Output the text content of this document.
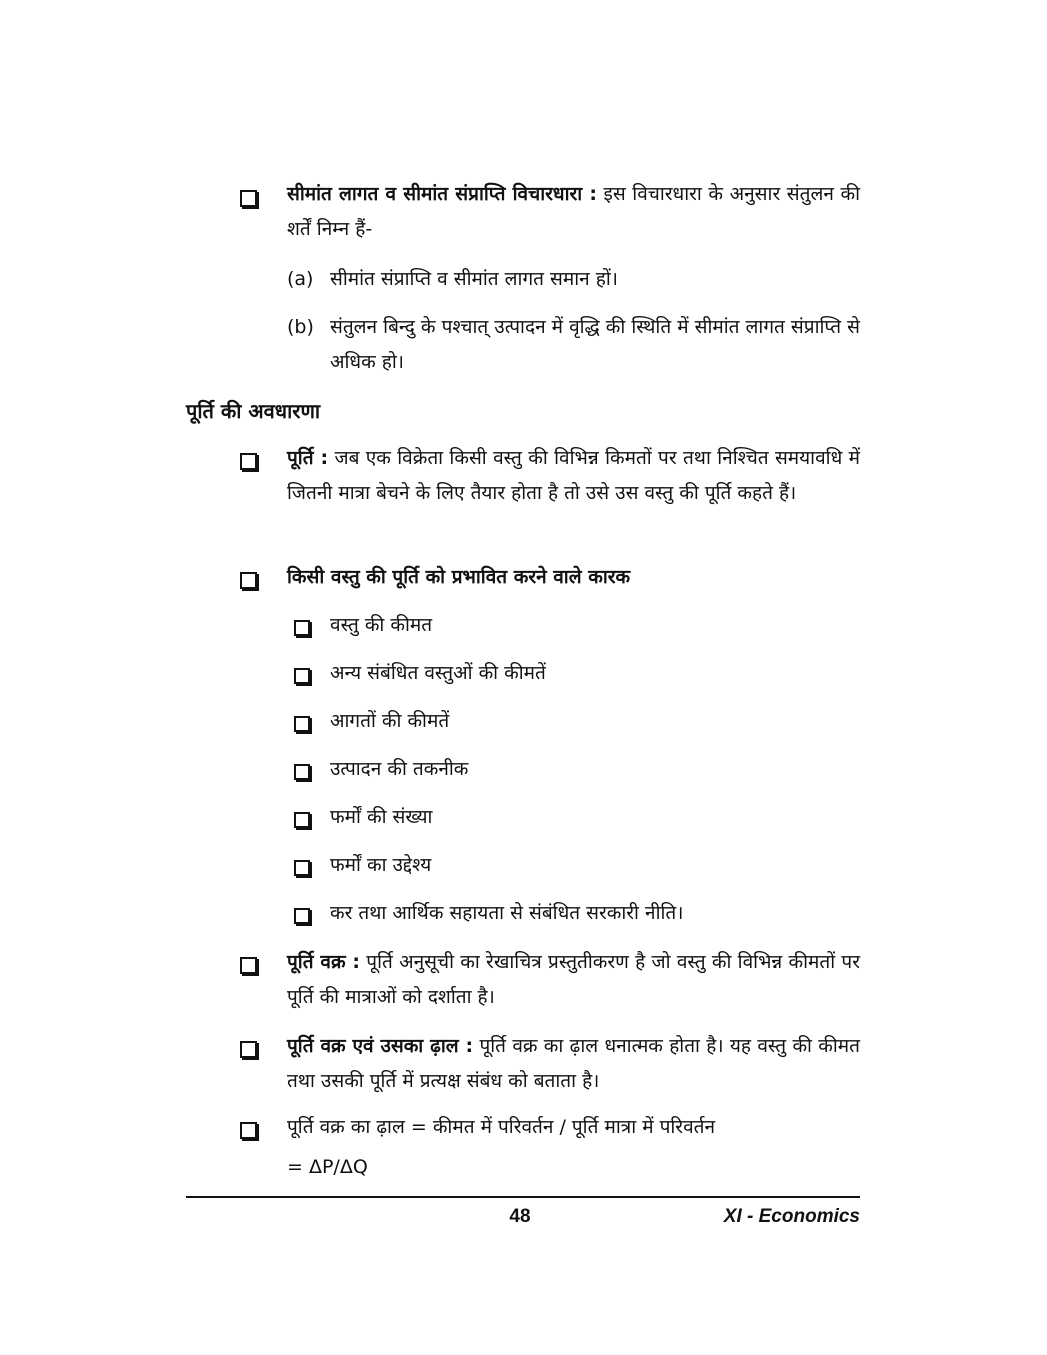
सीमांत लागत व सीमांत संप्राप्ति विचारधारा : इस विचारधारा के अनुसार संतुलन की शर्तें निम्न हैं-
(a) सीमांत संप्राप्ति व सीमांत लागत समान हों।
(b) संतुलन बिन्दु के पश्चात् उत्पादन में वृद्धि की स्थिति में सीमांत लागत संप्राप्ति से अधिक हो।
पूर्ति की अवधारणा
पूर्ति : जब एक विक्रेता किसी वस्तु की विभिन्न किमतों पर तथा निश्चित समयावधि में जितनी मात्रा बेचने के लिए तैयार होता है तो उसे उस वस्तु की पूर्ति कहते हैं।
किसी वस्तु की पूर्ति को प्रभावित करने वाले कारक
वस्तु की कीमत
अन्य संबंधित वस्तुओं की कीमतें
आगतों की कीमतें
उत्पादन की तकनीक
फर्मों की संख्या
फर्मों का उद्देश्य
कर तथा आर्थिक सहायता से संबंधित सरकारी नीति।
पूर्ति वक्र : पूर्ति अनुसूची का रेखाचित्र प्रस्तुतीकरण है जो वस्तु की विभिन्न कीमतों पर पूर्ति की मात्राओं को दर्शाता है।
पूर्ति वक्र एवं उसका ढ़ाल : पूर्ति वक्र का ढ़ाल धनात्मक होता है। यह वस्तु की कीमत तथा उसकी पूर्ति में प्रत्यक्ष संबंध को बताता है।
पूर्ति वक्र का ढ़ाल = कीमत में परिवर्तन / पूर्ति मात्रा में परिवर्तन
= ΔP/ΔQ
48	XI - Economics
